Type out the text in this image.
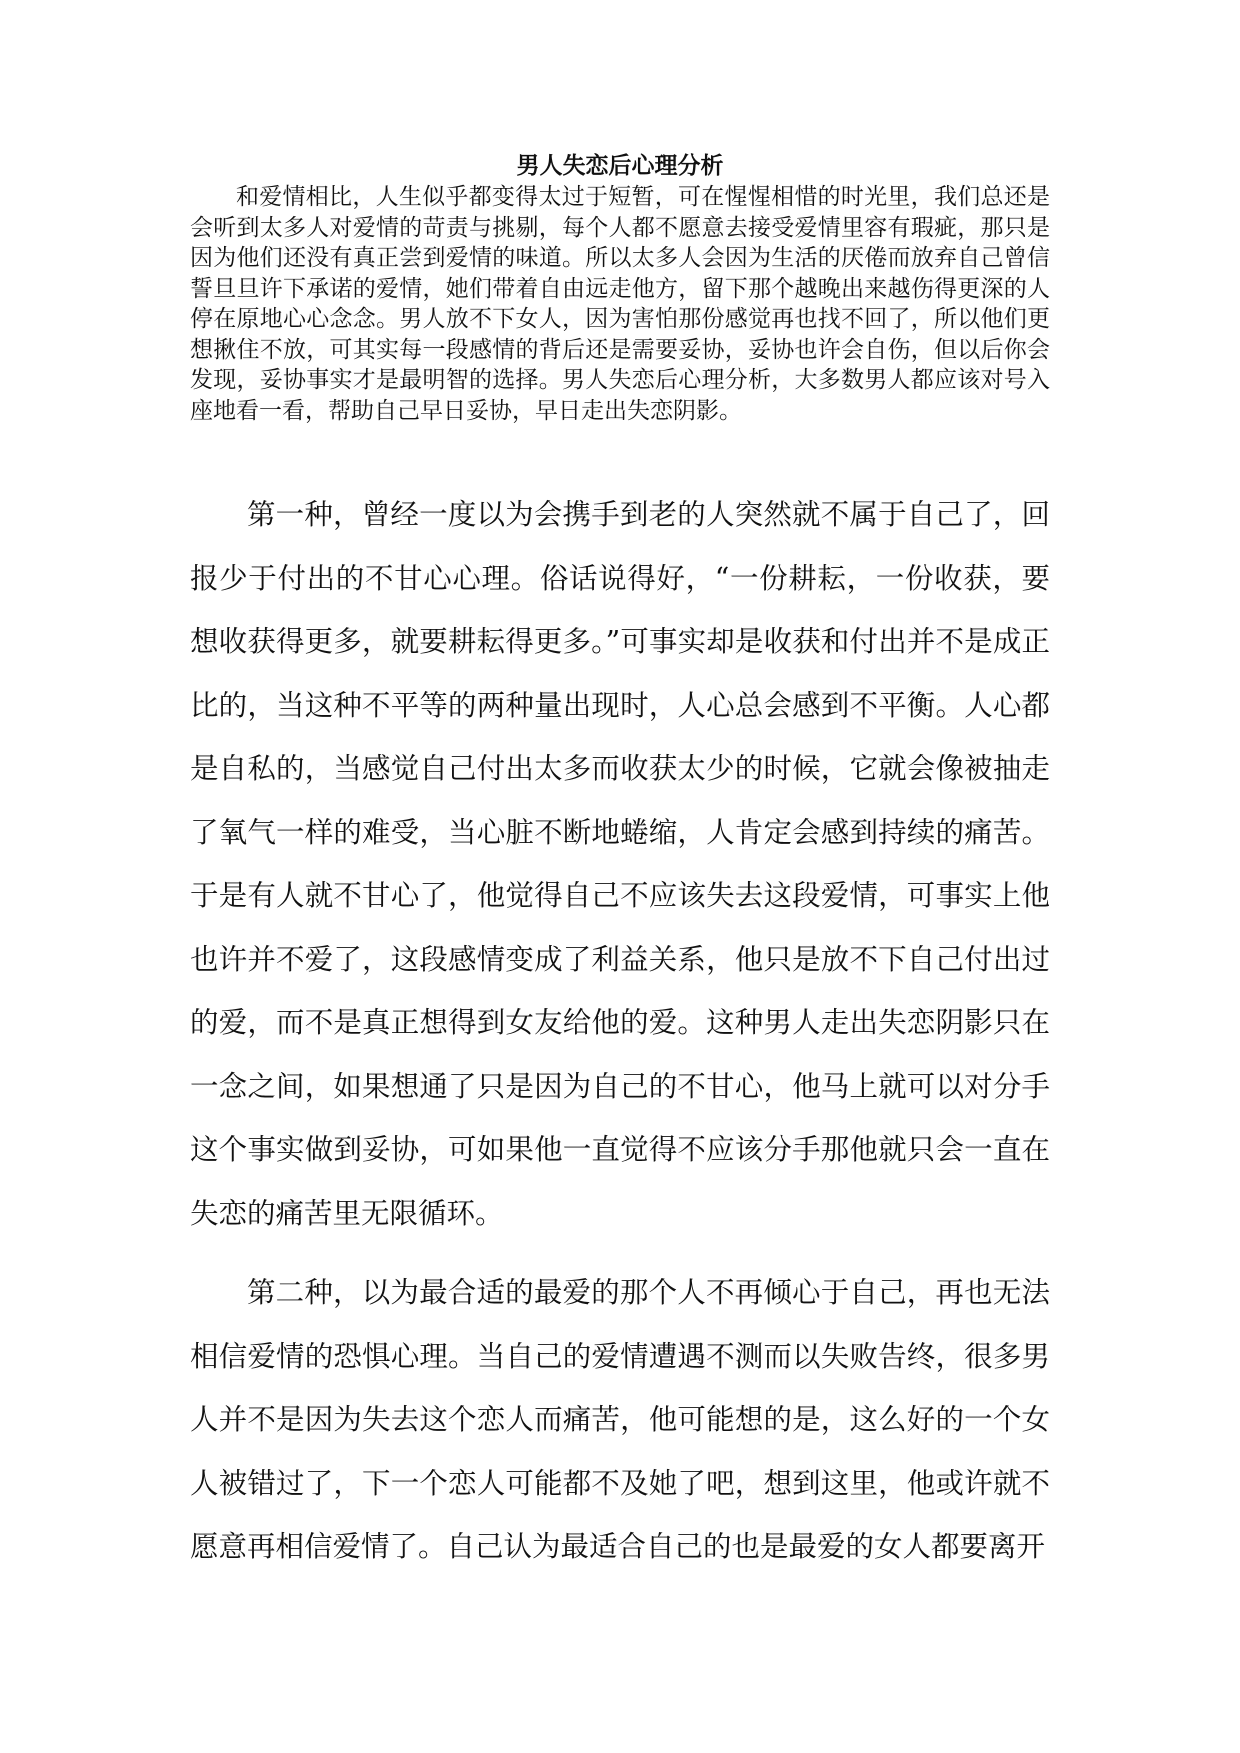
男人失恋后心理分析

和爱情相比，人生似乎都变得太过于短暂，可在惺惺相惜的时光里，我们总还是会听到太多人对爱情的苛责与挑剔，每个人都不愿意去接受爱情里容有瑕疵，那只是因为他们还没有真正尝到爱情的味道。所以太多人会因为生活的厌倦而放弃自己曾信誓旦旦许下承诺的爱情，她们带着自由远走他方，留下那个越晚出来越伤得更深的人停在原地心心念念。男人放不下女人，因为害怕那份感觉再也找不回了，所以他们更想揪住不放，可其实每一段感情的背后还是需要妥协，妥协也许会自伤，但以后你会发现，妥协事实才是最明智的选择。男人失恋后心理分析，大多数男人都应该对号入座地看一看，帮助自己早日妥协，早日走出失恋阴影。

第一种，曾经一度以为会携手到老的人突然就不属于自己了，回报少于付出的不甘心心理。俗话说得好，“一份耕耘，一份收获，要想收获得更多，就要耕耘得更多。”可事实却是收获和付出并不是成正比的，当这种不平等的两种量出现时，人心总会感到不平衡。人心都是自私的，当感觉自己付出太多而收获太少的时候，它就会像被抽走了氧气一样的难受，当心脏不断地蜷缩，人肯定会感到持续的痛苦。于是有人就不甘心了，他觉得自己不应该失去这段爱情，可事实上他也许并不爱了，这段感情变成了利益关系，他只是放不下自己付出过的爱，而不是真正想得到女友给他的爱。这种男人走出失恋阴影只在一念之间，如果想通了只是因为自己的不甘心，他马上就可以对分手这个事实做到妥协，可如果他一直觉得不应该分手那他就只会一直在失恋的痛苦里无限循环。

第二种，以为最合适的最爱的那个人不再倾心于自己，再也无法相信爱情的恐惧心理。当自己的爱情遭遇不测而以失败告终，很多男人并不是因为失去这个恋人而痛苦，他可能想的是，这么好的一个女人被错过了，下一个恋人可能都不及她了吧，想到这里，他或许就不愿意再相信爱情了。自己认为最适合自己的也是最爱的女人都要离开
